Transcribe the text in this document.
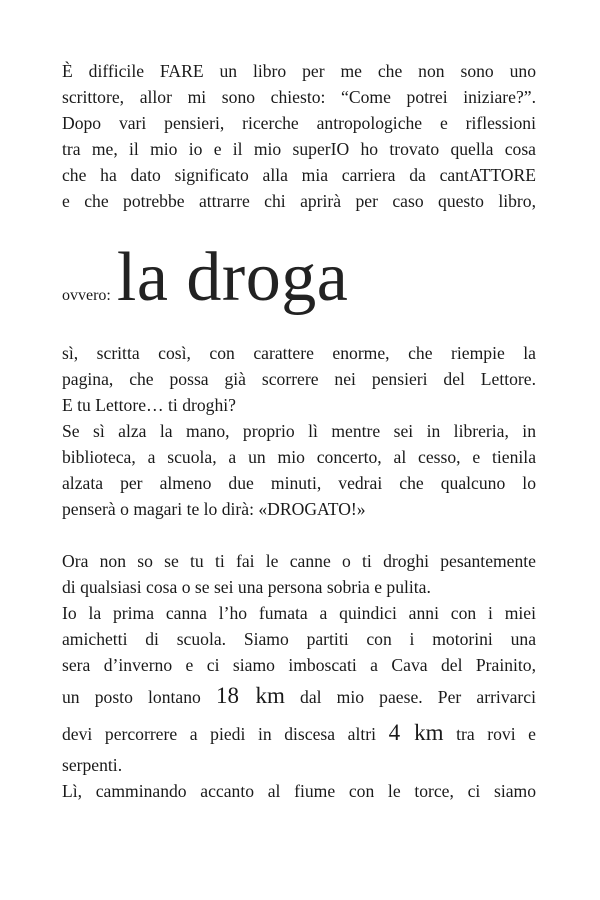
È difficile FARE un libro per me che non sono uno
scrittore, allor mi sono chiesto: “Come potrei iniziare?”.
Dopo vari pensieri, ricerche antropologiche e riflessioni
tra me, il mio io e il mio superIO ho trovato quella cosa
che ha dato significato alla mia carriera da cantATTORE
e che potrebbe attrarre chi aprirà per caso questo libro,
ovvero: la droga
sì, scritta così, con carattere enorme, che riempie la
pagina, che possa già scorrere nei pensieri del Lettore.
E tu Lettore… ti droghi?
Se sì alza la mano, proprio lì mentre sei in libreria, in
biblioteca, a scuola, a un mio concerto, al cesso, e tienila
alzata per almeno due minuti, vedrai che qualcuno lo
penserà o magari te lo dirà: «DROGATO!»
Ora non so se tu ti fai le canne o ti droghi pesantemente
di qualsiasi cosa o se sei una persona sobria e pulita.
Io la prima canna l’ho fumata a quindici anni con i miei
amichetti di scuola. Siamo partiti con i motorini una
sera d’inverno e ci siamo imboscati a Cava del Prainito,
un posto lontano 18 km dal mio paese. Per arrivarci
devi percorrere a piedi in discesa altri 4 km tra rovi e
serpenti.
Lì, camminando accanto al fiume con le torce, ci siamo
